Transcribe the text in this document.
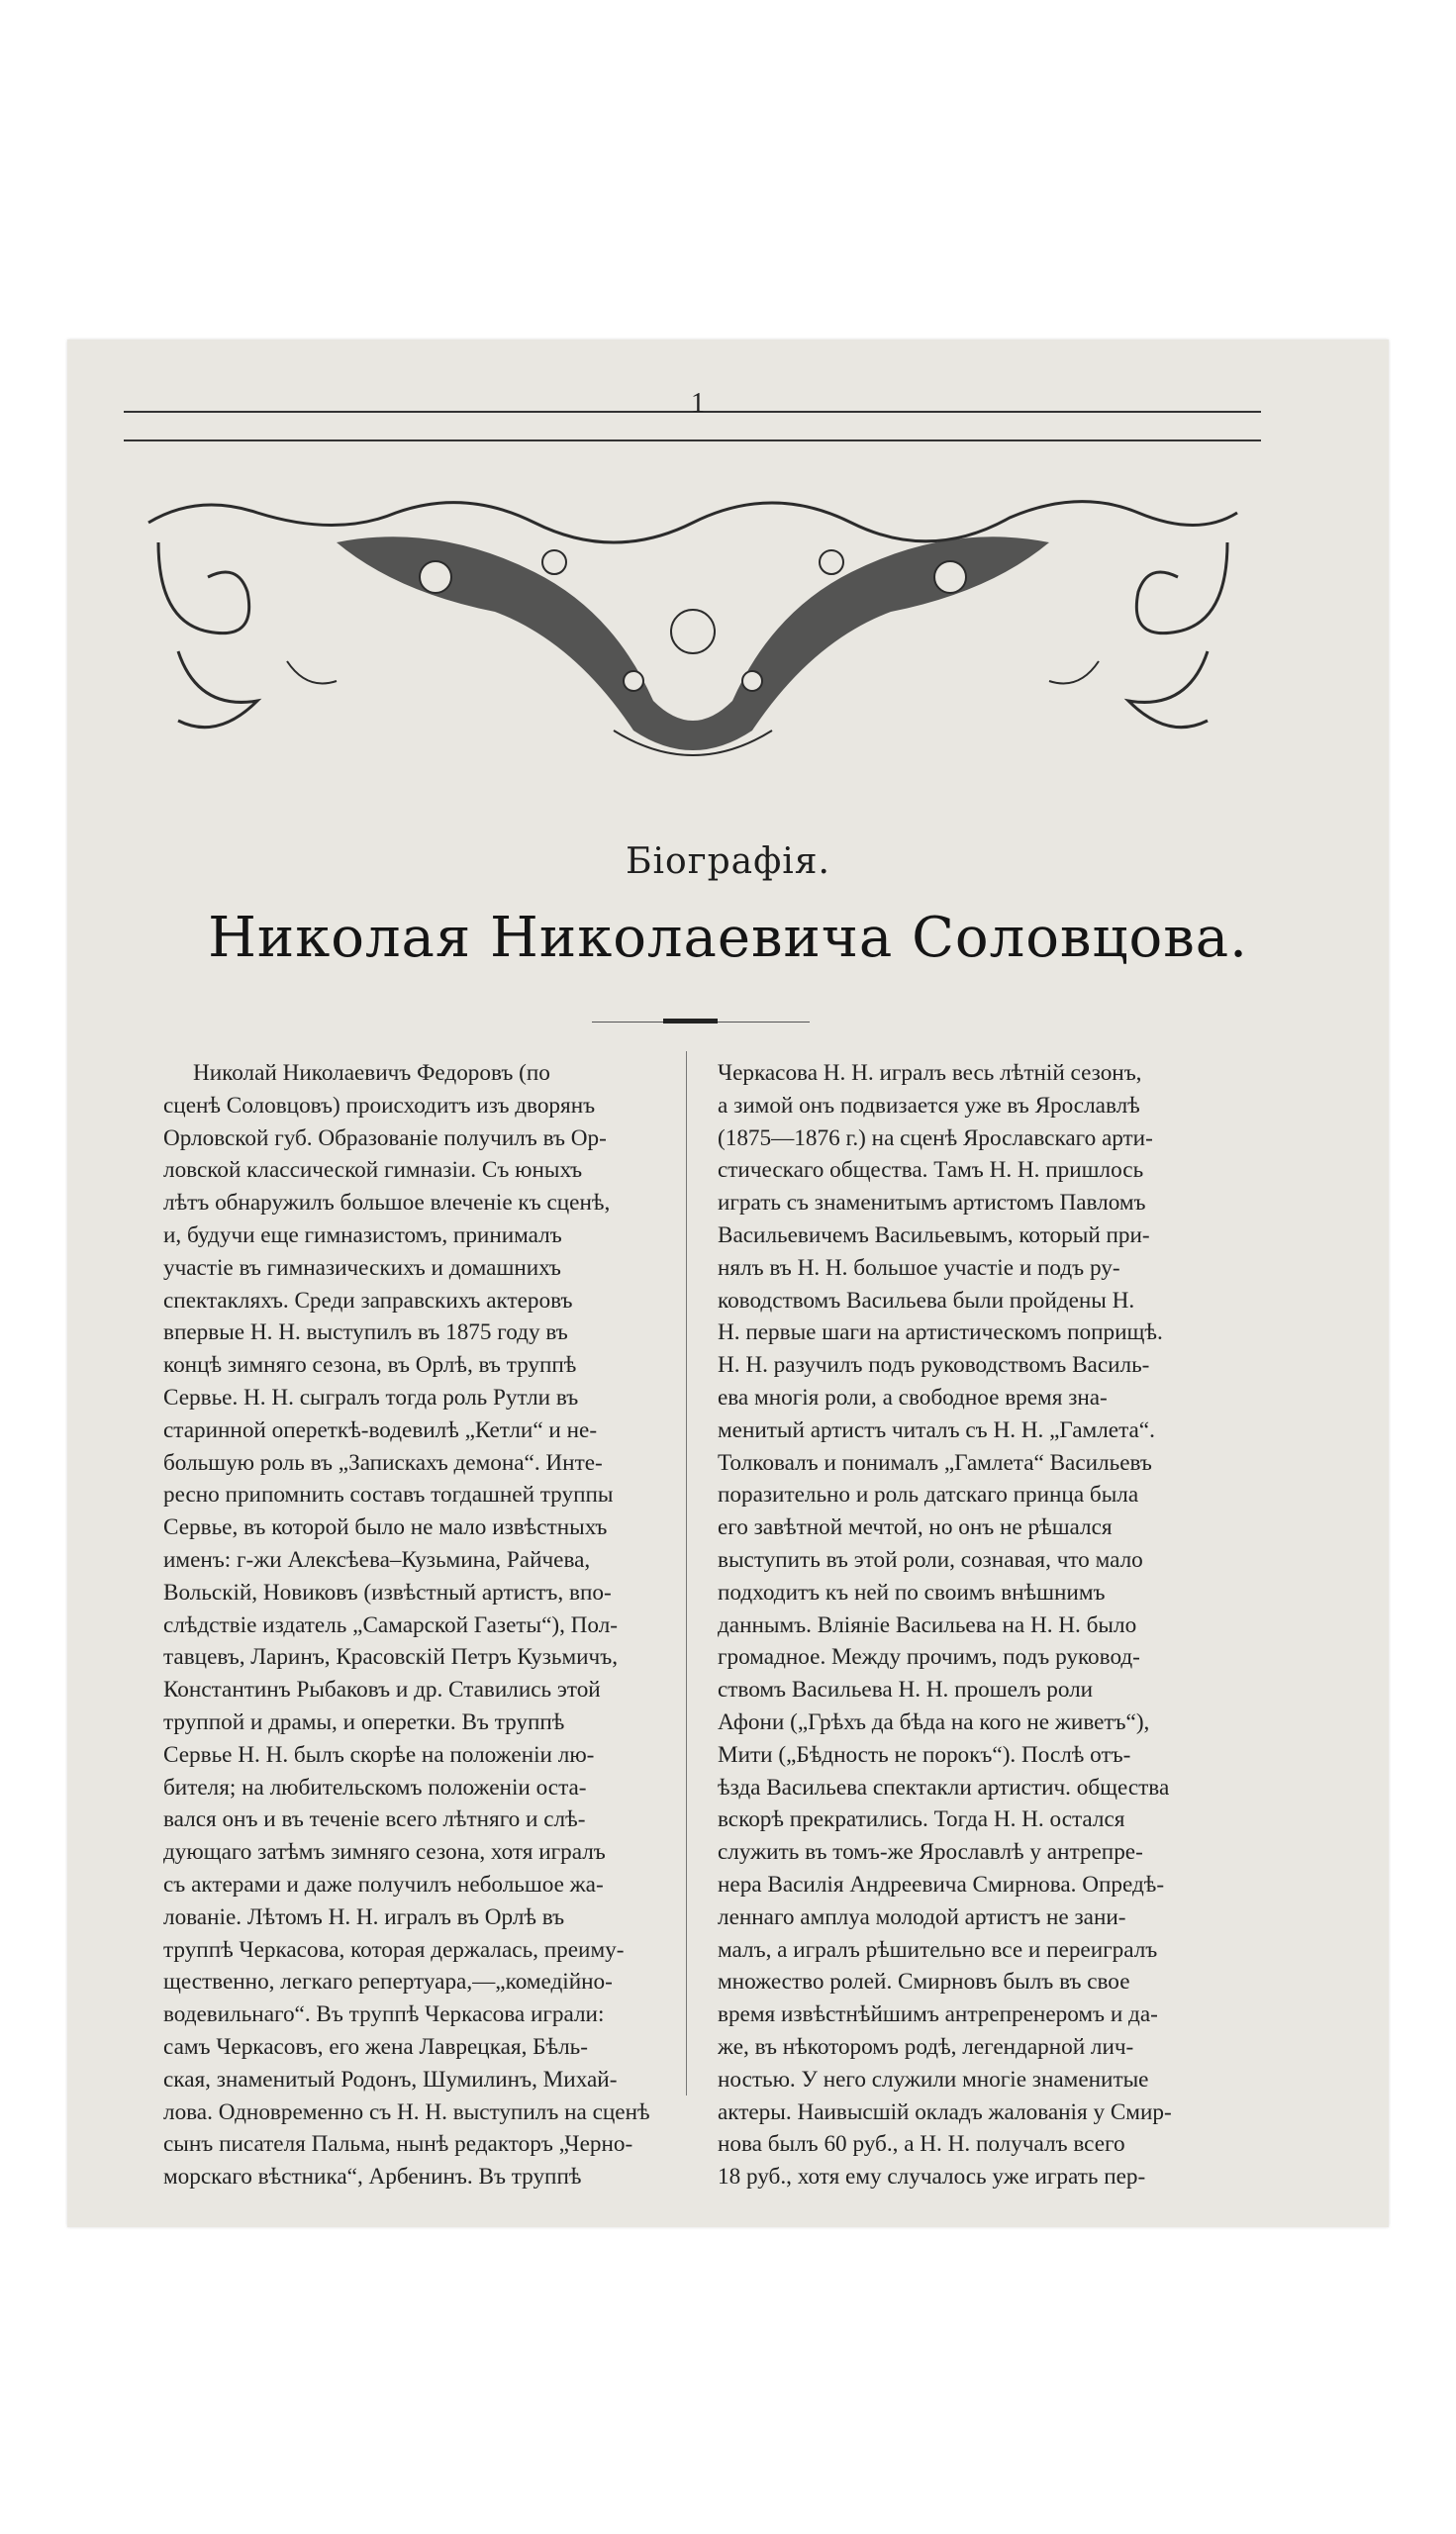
1
Біографія.
Николая Николаевича Соловцова.
Николай Николаевичъ Федоровъ (по
сценѣ Соловцовъ) происходитъ изъ дворянъ
Орловской губ. Образованіе получилъ въ Ор-
ловской классической гимназіи. Съ юныхъ
лѣтъ обнаружилъ большое влеченіе къ сценѣ,
и, будучи еще гимназистомъ, принималъ
участіе въ гимназическихъ и домашнихъ
спектакляхъ. Среди заправскихъ актеровъ
впервые Н. Н. выступилъ въ 1875 году въ
концѣ зимняго сезона, въ Орлѣ, въ труппѣ
Сервье. Н. Н. сыгралъ тогда роль Рутли въ
старинной опереткѣ-водевилѣ „Кетли“ и не-
большую роль въ „Запискахъ демона“. Инте-
ресно припомнить составъ тогдашней труппы
Сервье, въ которой было не мало извѣстныхъ
именъ: г-жи Алексѣева–Кузьмина, Райчева,
Вольскій, Новиковъ (извѣстный артистъ, впо-
слѣдствіе издатель „Самарской Газеты“), Пол-
тавцевъ, Ларинъ, Красовскій Петръ Кузьмичъ,
Константинъ Рыбаковъ и др. Ставились этой
труппой и драмы, и оперетки. Въ труппѣ
Сервье Н. Н. былъ скорѣе на положеніи лю-
бителя; на любительскомъ положеніи оста-
вался онъ и въ теченіе всего лѣтняго и слѣ-
дующаго затѣмъ зимняго сезона, хотя игралъ
съ актерами и даже получилъ небольшое жа-
лованіе. Лѣтомъ Н. Н. игралъ въ Орлѣ въ
труппѣ Черкасова, которая держалась, преиму-
щественно, легкаго репертуара,—„комедійно-
водевильнаго“. Въ труппѣ Черкасова играли:
самъ Черкасовъ, его жена Лаврецкая, Бѣль-
ская, знаменитый Родонъ, Шумилинъ, Михай-
лова. Одновременно съ Н. Н. выступилъ на сценѣ
сынъ писателя Пальма, нынѣ редакторъ „Черно-
морскаго вѣстника“, Арбенинъ. Въ труппѣ
Черкасова Н. Н. игралъ весь лѣтній сезонъ,
а зимой онъ подвизается уже въ Ярославлѣ
(1875—1876 г.) на сценѣ Ярославскаго арти-
стическаго общества. Тамъ Н. Н. пришлось
играть съ знаменитымъ артистомъ Павломъ
Васильевичемъ Васильевымъ, который при-
нялъ въ Н. Н. большое участіе и подъ ру-
ководствомъ Васильева были пройдены Н.
Н. первые шаги на артистическомъ поприщѣ.
Н. Н. разучилъ подъ руководствомъ Василь-
ева многія роли, а свободное время зна-
менитый артистъ читалъ съ Н. Н. „Гамлета“.
Толковалъ и понималъ „Гамлета“ Васильевъ
поразительно и роль датскаго принца была
его завѣтной мечтой, но онъ не рѣшался
выступить въ этой роли, сознавая, что мало
подходитъ къ ней по своимъ внѣшнимъ
даннымъ. Вліяніе Васильева на Н. Н. было
громадное. Между прочимъ, подъ руковод-
ствомъ Васильева Н. Н. прошелъ роли
Афони („Грѣхъ да бѣда на кого не живетъ“),
Мити („Бѣдность не порокъ“). Послѣ отъ-
ѣзда Васильева спектакли артистич. общества
вскорѣ прекратились. Тогда Н. Н. остался
служить въ томъ-же Ярославлѣ у антрепре-
нера Василія Андреевича Смирнова. Опредѣ-
леннаго амплуа молодой артистъ не зани-
малъ, а игралъ рѣшительно все и переигралъ
множество ролей. Смирновъ былъ въ свое
время извѣстнѣйшимъ антрепренеромъ и да-
же, въ нѣкоторомъ родѣ, легендарной лич-
ностью. У него служили многіе знаменитые
актеры. Наивысшій окладъ жалованія у Смир-
нова былъ 60 руб., а Н. Н. получалъ всего
18 руб., хотя ему случалось уже играть пер-
